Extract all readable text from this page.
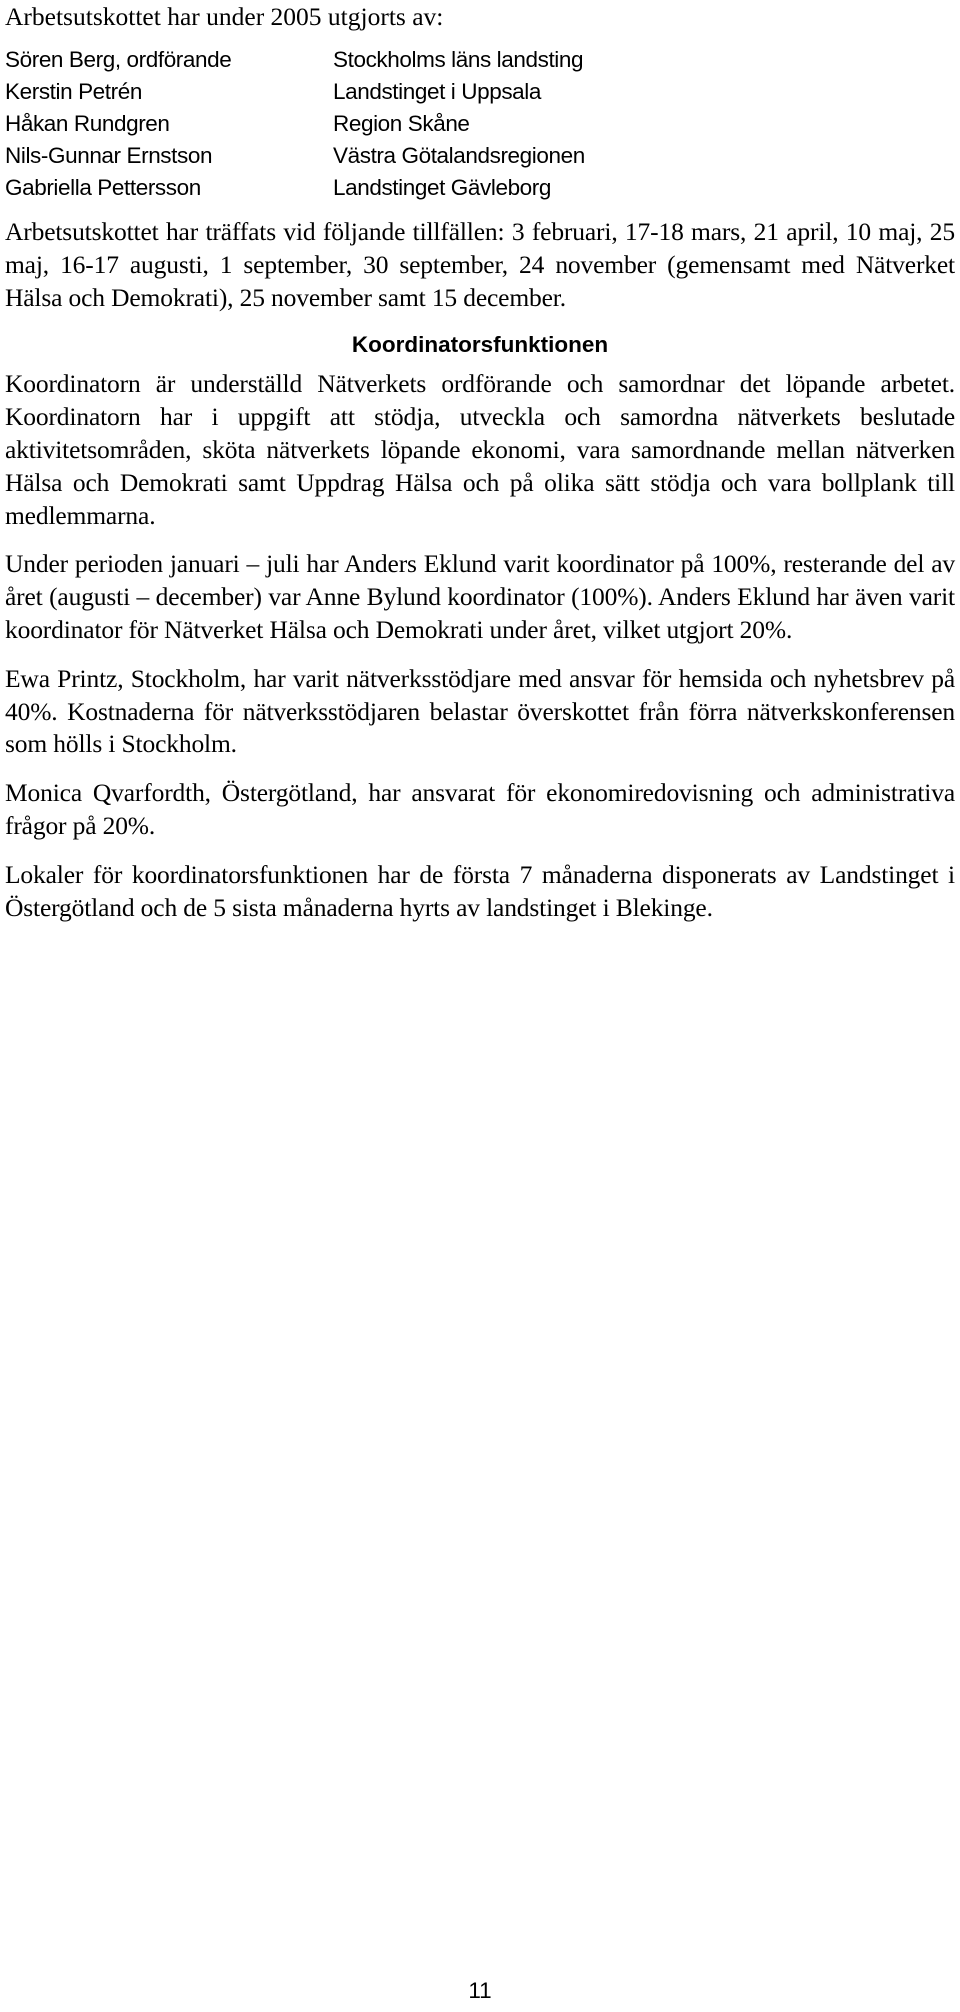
Arbetsutskottet har under 2005 utgjorts av:

Sören Berg, ordförande	Stockholms läns landsting
Kerstin Petrén	Landstinget i Uppsala
Håkan Rundgren	Region Skåne
Nils-Gunnar Ernstson	Västra Götalandsregionen
Gabriella Pettersson	Landstinget Gävleborg

Arbetsutskottet har träffats vid följande tillfällen: 3 februari, 17-18 mars, 21 april, 10 maj, 25 maj, 16-17 augusti, 1 september, 30 september, 24 november (gemensamt med Nätverket Hälsa och Demokrati), 25 november samt 15 december.

Koordinatorsfunktionen

Koordinatorn är underställd Nätverkets ordförande och samordnar det löpande arbetet. Koordinatorn har i uppgift att stödja, utveckla och samordna nätverkets beslutade aktivitetsområden, sköta nätverkets löpande ekonomi, vara samordnande mellan nätverken Hälsa och Demokrati samt Uppdrag Hälsa och på olika sätt stödja och vara bollplank till medlemmarna.

Under perioden januari – juli har Anders Eklund varit koordinator på 100%, resterande del av året (augusti – december) var Anne Bylund koordinator (100%). Anders Eklund har även varit koordinator för Nätverket Hälsa och Demokrati under året, vilket utgjort 20%.

Ewa Printz, Stockholm, har varit nätverksstödjare med ansvar för hemsida och nyhetsbrev på 40%. Kostnaderna för nätverksstödjaren belastar överskottet från förra nätverkskonferensen som hölls i Stockholm.

Monica Qvarfordth, Östergötland, har ansvarat för ekonomiredovisning och administrativa frågor på 20%.

Lokaler för koordinatorsfunktionen har de första 7 månaderna disponerats av Landstinget i Östergötland och de 5 sista månaderna hyrts av landstinget i Blekinge.

11
